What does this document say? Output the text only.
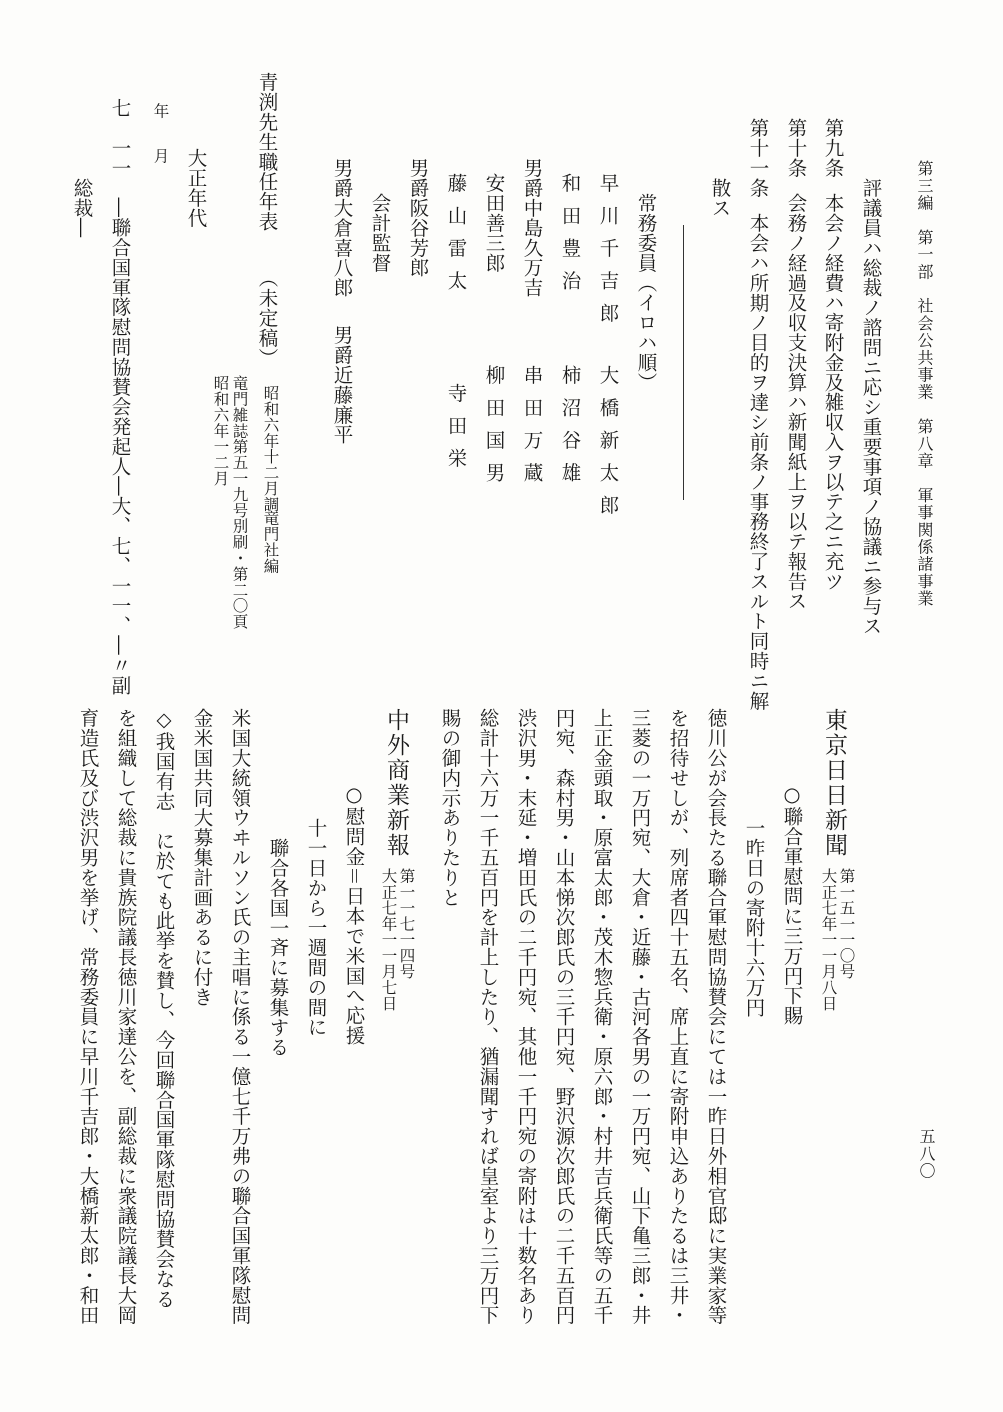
第三編　第一部　社会公共事業　第八章　軍事関係諸事業
五八〇
評議員ハ総裁ノ諮問ニ応シ重要事項ノ協議ニ参与ス
第九条
本会ノ経費ハ寄附金及雑収入ヲ以テ之ニ充ツ
第十条
会務ノ経過及収支決算ハ新聞紙上ヲ以テ報告ス
第十一条
本会ハ所期ノ目的ヲ達シ前条ノ事務終了スルト同時ニ解
散ス
常務委員（イロハ順）
早川千吉郎
大橋新太郎
和田豊治
柿沼谷雄
男爵中島久万吉
串田万蔵
安田善三郎
柳田国男
藤山雷太
寺田栄
男爵阪谷芳郎
会計監督
男爵大倉喜八郎
男爵近藤廉平
青渕先生職任年表
（未定稿）
昭和六年十二月調
竜門社編
竜門雑誌第五一九号別刷・第二〇頁
昭和六年一二月
大正年代
年
月
七　一一　―聯合国軍隊慰問協賛会発起人―大、七、一一、―〃副
総裁―
東京日日新聞
第一五一一〇号
大正七年一一月八日
○聯合軍慰問に三万円下賜
一昨日の寄附十六万円
徳川公が会長たる聯合軍慰問協賛会にては一昨日外相官邸に実業家等
を招待せしが、列席者四十五名、席上直に寄附申込ありたるは三井・
三菱の一万円宛、大倉・近藤・古河各男の一万円宛、山下亀三郎・井
上正金頭取・原富太郎・茂木惣兵衛・原六郎・村井吉兵衛氏等の五千
円宛、森村男・山本悌次郎氏の三千円宛、野沢源次郎氏の二千五百円
渋沢男・末延・増田氏の二千円宛、其他一千円宛の寄附は十数名あり
総計十六万一千五百円を計上したり、猶漏聞すれば皇室より三万円下
賜の御内示ありたりと
中外商業新報
第一一七一四号
大正七年一一月七日
○慰問金＝日本で米国へ応援
十一日から一週間の間に
聯合各国一斉に募集する
米国大統領ウヰルソン氏の主唱に係る一億七千万弗の聯合国軍隊慰問
金米国共同大募集計画あるに付き
◇我国有志　に於ても此挙を賛し、今回聯合国軍隊慰問協賛会なる
を組織して総裁に貴族院議長徳川家達公を、副総裁に衆議院議長大岡
育造氏及び渋沢男を挙げ、常務委員に早川千吉郎・大橋新太郎・和田
